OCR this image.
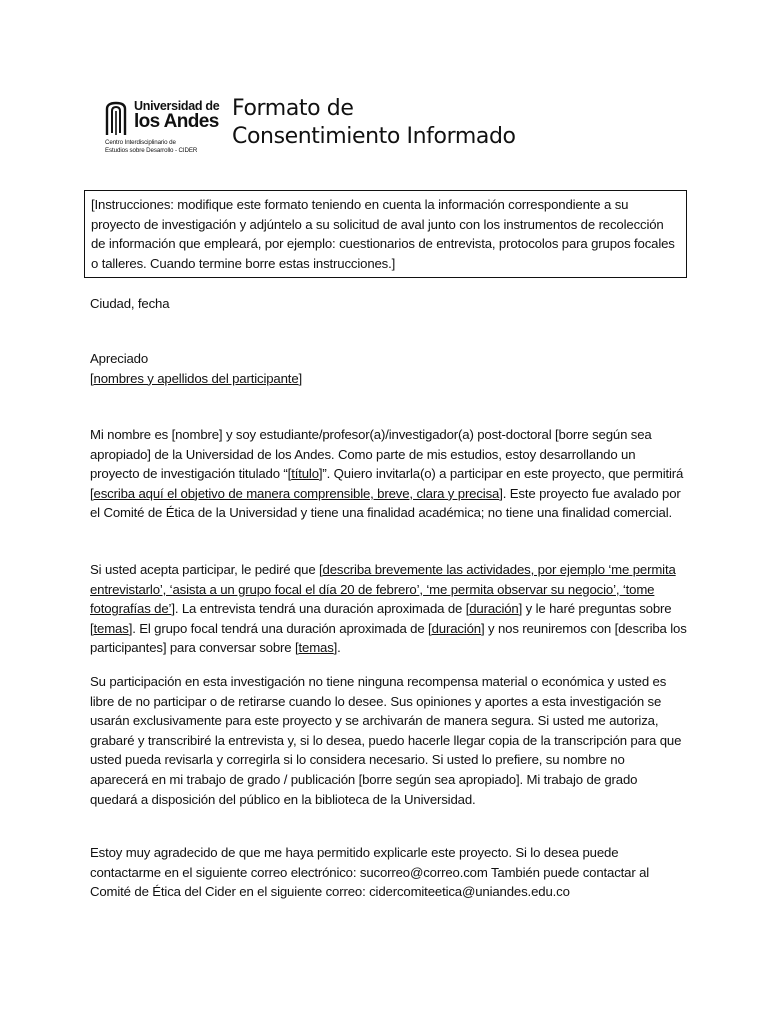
Universidad de
los Andes
Centro Interdisciplinario de
Estudios sobre Desarrollo - CIDER
Formato de
Consentimiento Informado
[Instrucciones: modifique este formato teniendo en cuenta la información correspondiente a su proyecto de investigación y adjúntelo a su solicitud de aval junto con los instrumentos de recolección de información que empleará, por ejemplo: cuestionarios de entrevista, protocolos para grupos focales o talleres. Cuando termine borre estas instrucciones.]
Ciudad, fecha
Apreciado
[nombres y apellidos del participante]
Mi nombre es [nombre] y soy estudiante/profesor(a)/investigador(a) post-doctoral [borre según sea apropiado] de la Universidad de los Andes. Como parte de mis estudios, estoy desarrollando un proyecto de investigación titulado “[título]”. Quiero invitarla(o) a participar en este proyecto, que permitirá [escriba aquí el objetivo de manera comprensible, breve, clara y precisa]. Este proyecto fue avalado por el Comité de Ética de la Universidad y tiene una finalidad académica; no tiene una finalidad comercial.
Si usted acepta participar, le pediré que [describa brevemente las actividades, por ejemplo ‘me permita entrevistarlo’, ‘asista a un grupo focal el día 20 de febrero’, ‘me permita observar su negocio’, ‘tome fotografías de’]. La entrevista tendrá una duración aproximada de [duración] y le haré preguntas sobre [temas]. El grupo focal tendrá una duración aproximada de [duración] y nos reuniremos con [describa los participantes] para conversar sobre [temas].
Su participación en esta investigación no tiene ninguna recompensa material o económica y usted es libre de no participar o de retirarse cuando lo desee. Sus opiniones y aportes a esta investigación se usarán exclusivamente para este proyecto y se archivarán de manera segura. Si usted me autoriza, grabaré y transcribiré la entrevista y, si lo desea, puedo hacerle llegar copia de la transcripción para que usted pueda revisarla y corregirla si lo considera necesario. Si usted lo prefiere, su nombre no aparecerá en mi trabajo de grado / publicación [borre según sea apropiado]. Mi trabajo de grado quedará a disposición del público en la biblioteca de la Universidad.
Estoy muy agradecido de que me haya permitido explicarle este proyecto. Si lo desea puede contactarme en el siguiente correo electrónico: sucorreo@correo.com También puede contactar al Comité de Ética del Cider en el siguiente correo: cidercomiteetica@uniandes.edu.co
